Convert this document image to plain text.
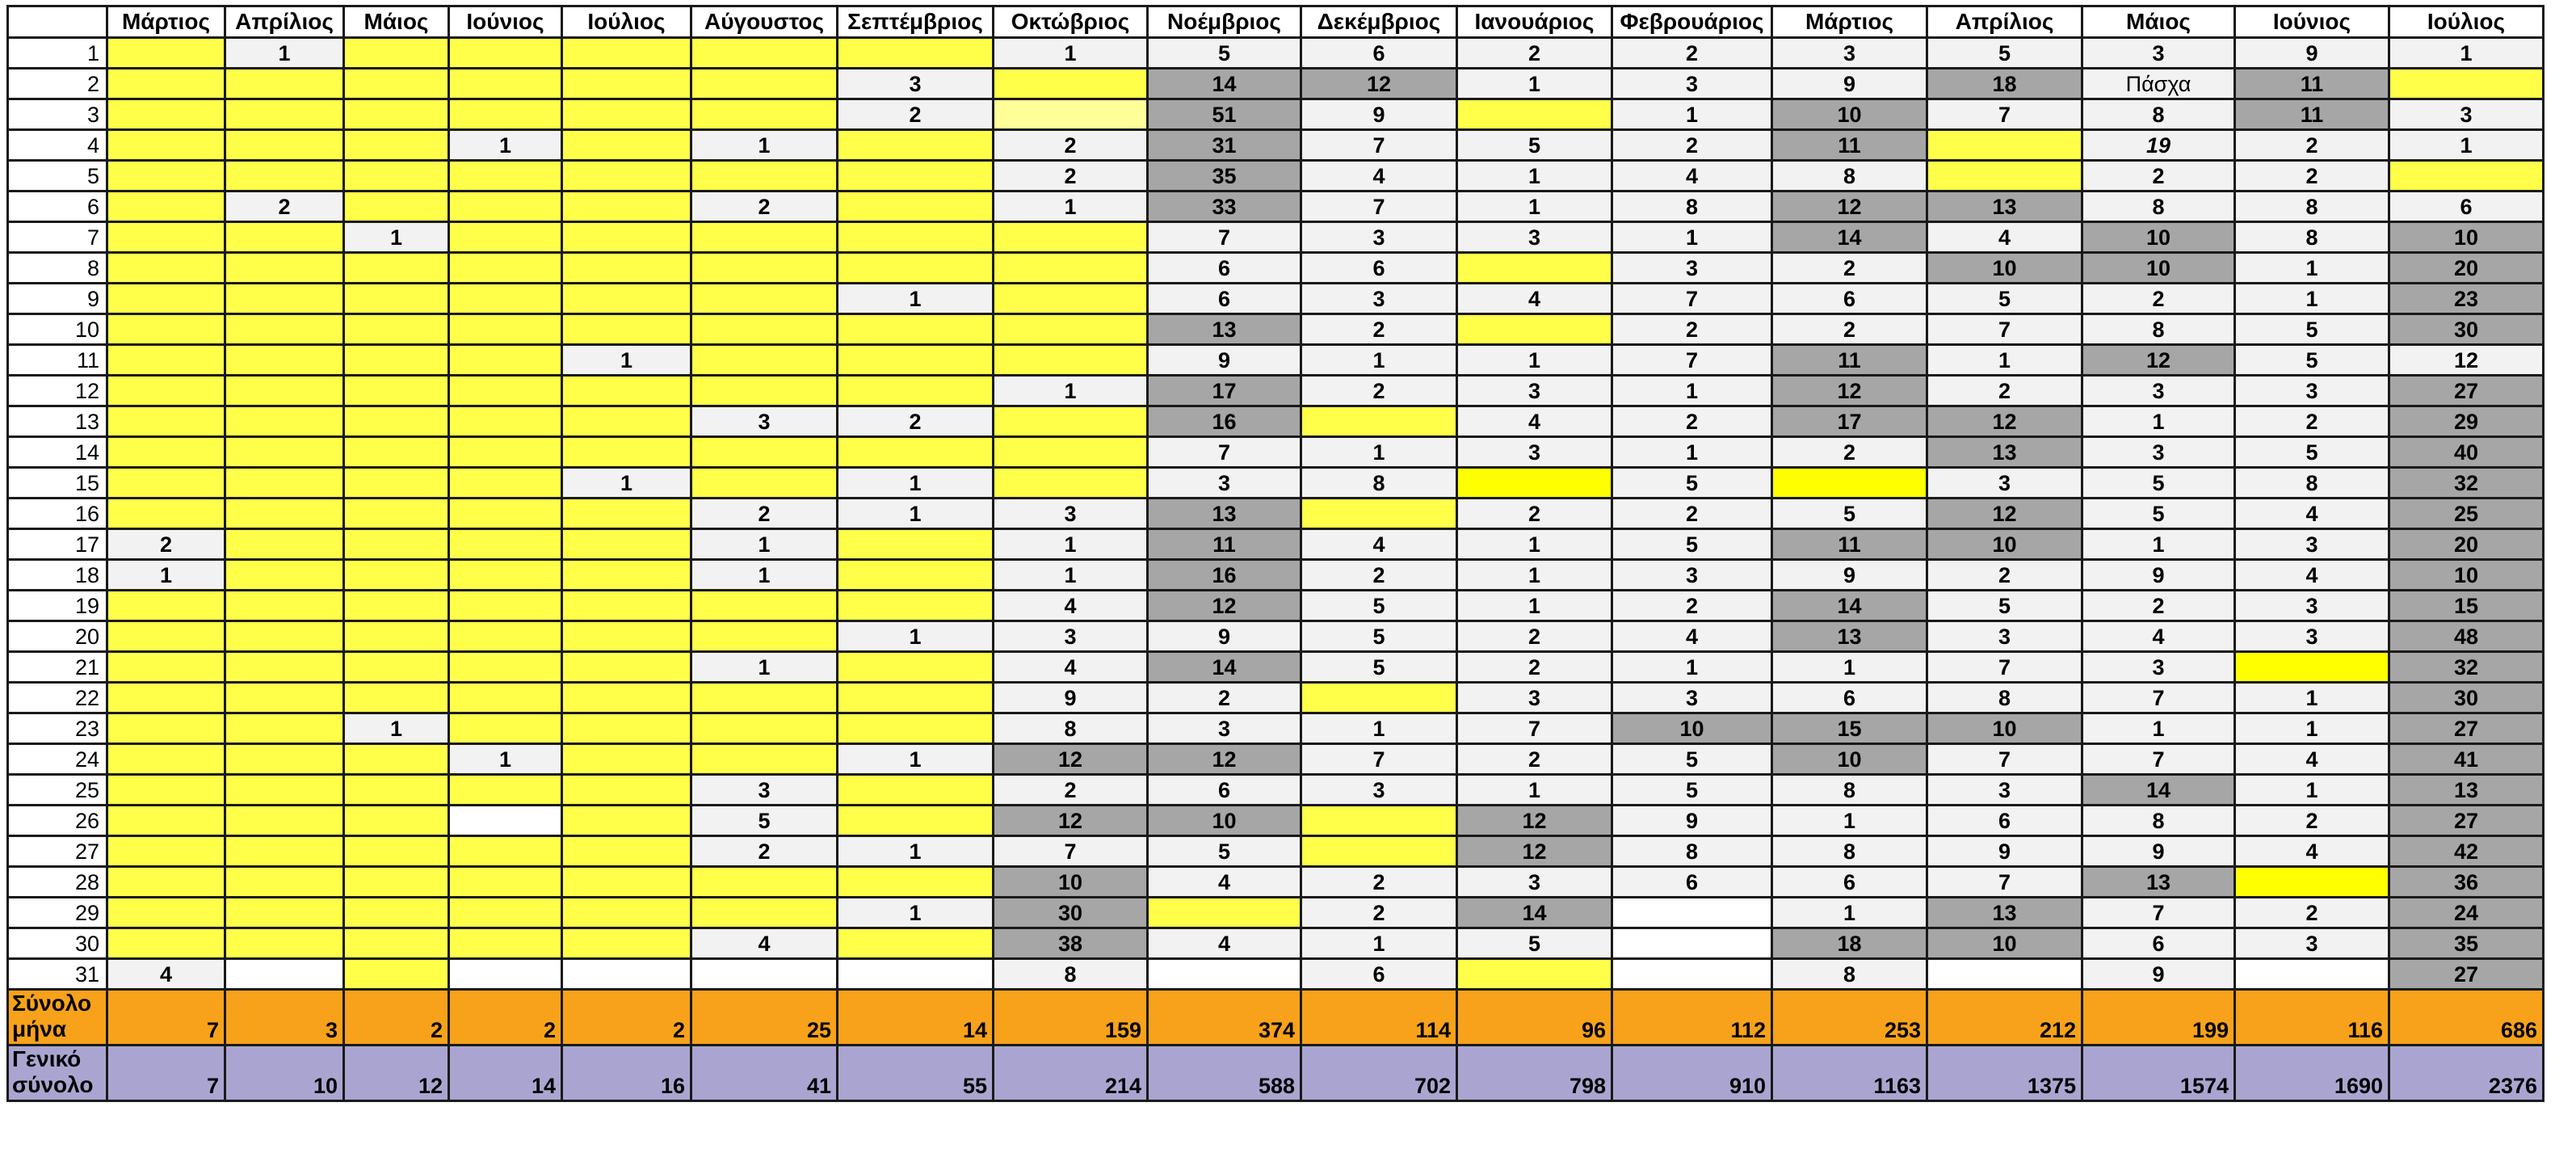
	Μάρτιος	Απρίλιος	Μάιος	Ιούνιος	Ιούλιος	Αύγουστος	Σεπτέμβριος	Οκτώβριος	Νοέμβριος	Δεκέμβριος	Ιανουάριος	Φεβρουάριος	Μάρτιος	Απρίλιος	Μάιος	Ιούνιος	Ιούλιος
1		1						1	5	6	2	2	3	5	3	9	1
2							3		14	12	1	3	9	18	Πάσχα	11	
3							2		51	9		1	10	7	8	11	3
4				1		1		2	31	7	5	2	11		19	2	1
5								2	35	4	1	4	8		2	2	
6		2				2		1	33	7	1	8	12	13	8	8	6
7			1						7	3	3	1	14	4	10	8	10
8									6	6		3	2	10	10	1	20
9							1		6	3	4	7	6	5	2	1	23
10									13	2		2	2	7	8	5	30
11					1				9	1	1	7	11	1	12	5	12
12								1	17	2	3	1	12	2	3	3	27
13						3	2		16		4	2	17	12	1	2	29
14									7	1	3	1	2	13	3	5	40
15					1		1		3	8		5		3	5	8	32
16						2	1	3	13		2	2	5	12	5	4	25
17	2					1		1	11	4	1	5	11	10	1	3	20
18	1					1		1	16	2	1	3	9	2	9	4	10
19								4	12	5	1	2	14	5	2	3	15
20							1	3	9	5	2	4	13	3	4	3	48
21						1		4	14	5	2	1	1	7	3		32
22								9	2		3	3	6	8	7	1	30
23			1					8	3	1	7	10	15	10	1	1	27
24				1			1	12	12	7	2	5	10	7	7	4	41
25						3		2	6	3	1	5	8	3	14	1	13
26						5		12	10		12	9	1	6	8	2	27
27						2	1	7	5		12	8	8	9	9	4	42
28								10	4	2	3	6	6	7	13		36
29							1	30		2	14		1	13	7	2	24
30						4		38	4	1	5		18	10	6	3	35
31	4							8		6			8		9		27
Σύνολο μήνα	7	3	2	2	2	25	14	159	374	114	96	112	253	212	199	116	686
Γενικό σύνολο	7	10	12	14	16	41	55	214	588	702	798	910	1163	1375	1574	1690	2376
